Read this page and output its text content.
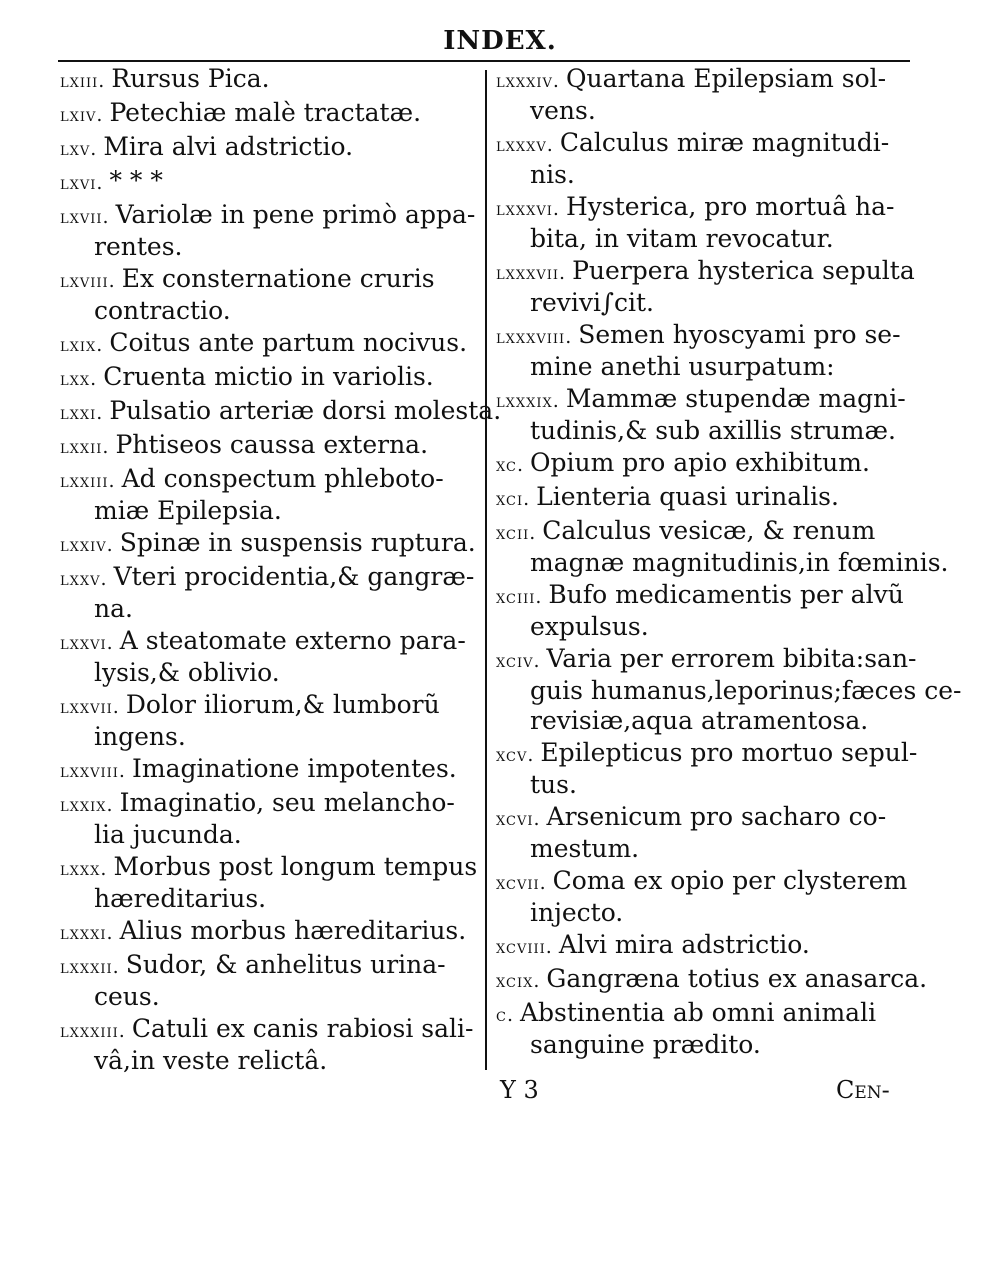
INDEX.
lxiii. Rursus Pica.
lxiv. Petechiæ malè tractatæ.
lxv. Mira alvi adstrictio.
lxvi. * * *
lxvii. Variolæ in pene primò appa-
rentes.
lxviii. Ex consternatione cruris
contractio.
lxix. Coitus ante partum nocivus.
lxx. Cruenta mictio in variolis.
lxxi. Pulsatio arteriæ dorsi molesta.
lxxii. Phtiseos caussa externa.
lxxiii. Ad conspectum phleboto-
miæ Epilepsia.
lxxiv. Spinæ in suspensis ruptura.
lxxv. Vteri procidentia,& gangræ-
na.
lxxvi. A steatomate externo para-
lysis,& oblivio.
lxxvii. Dolor iliorum,& lumborũ
ingens.
lxxviii. Imaginatione impotentes.
lxxix. Imaginatio, seu melancho-
lia jucunda.
lxxx. Morbus post longum tempus
hæreditarius.
lxxxi. Alius morbus hæreditarius.
lxxxii. Sudor, & anhelitus urina-
ceus.
lxxxiii. Catuli ex canis rabiosi sali-
vâ,in veste relictâ.
lxxxiv. Quartana Epilepsiam sol-
vens.
lxxxv. Calculus miræ magnitudi-
nis.
lxxxvi. Hysterica, pro mortuâ ha-
bita, in vitam revocatur.
lxxxvii. Puerpera hysterica sepulta
revivi∫cit.
lxxxviii. Semen hyoscyami pro se-
mine anethi usurpatum:
lxxxix. Mammæ stupendæ magni-
tudinis,& sub axillis strumæ.
xc. Opium pro apio exhibitum.
xci. Lienteria quasi urinalis.
xcii. Calculus vesicæ, & renum
magnæ magnitudinis,in fœminis.
xciii. Bufo medicamentis per alvũ
expulsus.
xciv. Varia per errorem bibita:san-
guis humanus,leporinus;fæces ce-
revisiæ,aqua atramentosa.
xcv. Epilepticus pro mortuo sepul-
tus.
xcvi. Arsenicum pro sacharo co-
mestum.
xcvii. Coma ex opio per clysterem
injecto.
xcviii. Alvi mira adstrictio.
xcix. Gangræna totius ex anasarca.
c. Abstinentia ab omni animali
sanguine prædito.
Y 3	Cen-
